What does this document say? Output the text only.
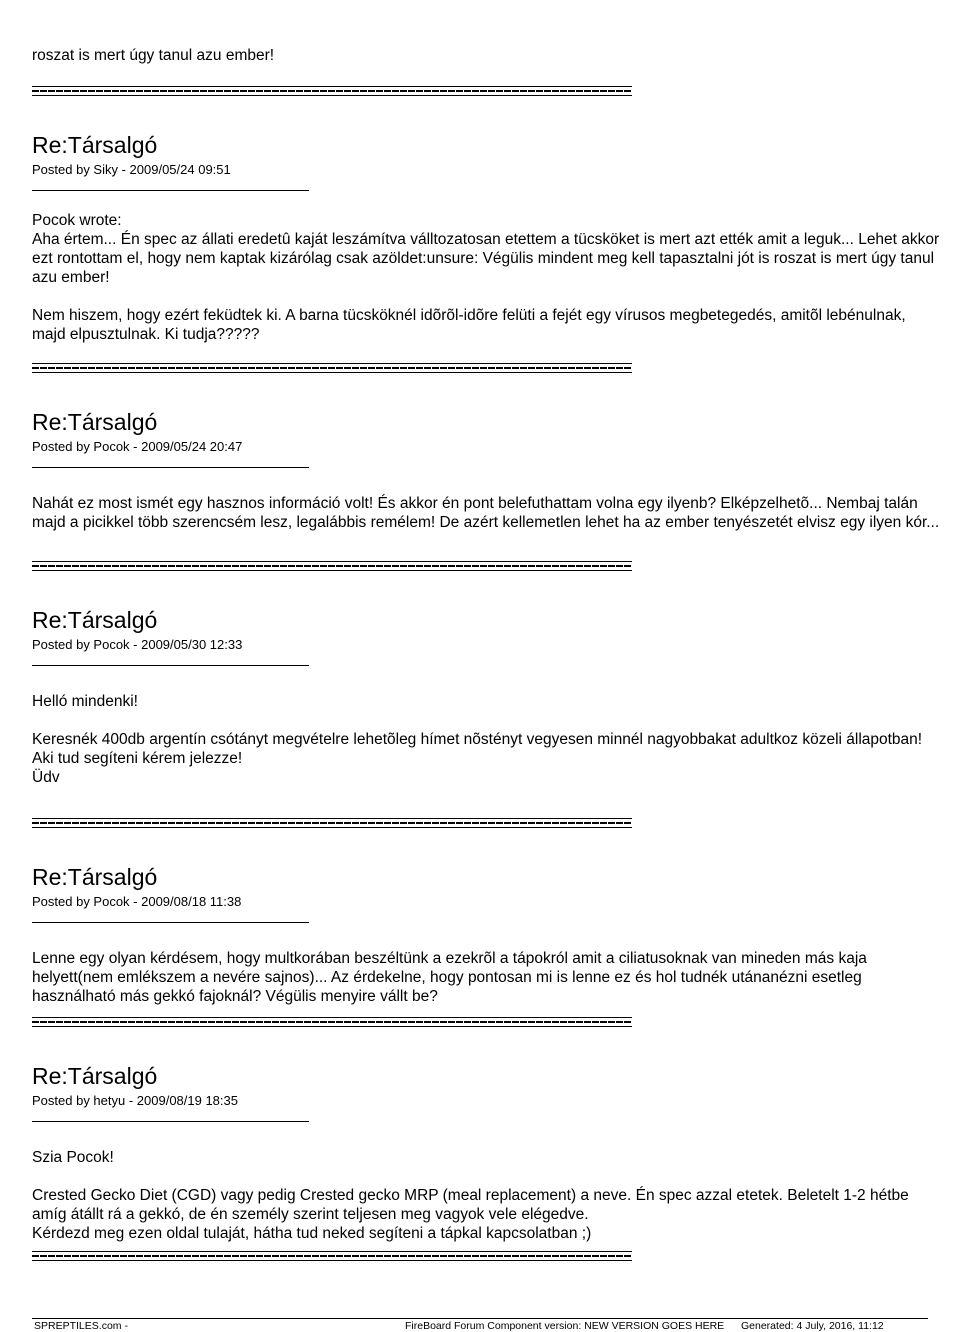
roszat is mert úgy tanul azu ember!

Re:Társalgó
Posted by Siky - 2009/05/24 09:51

Pocok wrote:
Aha értem... Én spec az állati eredetû kaját leszámítva válltozatosan etettem a tücsköket is mert azt ették amit a leguk... Lehet akkor ezt rontottam el, hogy nem kaptak kizárólag csak azöldet:unsure: Végülis mindent meg kell tapasztalni jót is roszat is mert úgy tanul azu ember!

Nem hiszem, hogy ezért feküdtek ki. A barna tücsköknél idõrõl-idõre felüti a fejét egy vírusos megbetegedés, amitõl lebénulnak, majd elpusztulnak. Ki tudja?????

Re:Társalgó
Posted by Pocok - 2009/05/24 20:47

Nahát ez most ismét egy hasznos információ volt! És akkor én pont belefuthattam volna egy ilyenb? Elképzelhetõ... Nembaj talán majd a picikkel több szerencsém lesz, legalábbis remélem! De azért kellemetlen lehet ha az ember tenyészetét elvisz egy ilyen kór...

Re:Társalgó
Posted by Pocok - 2009/05/30 12:33

Helló mindenki!

Keresnék 400db argentín csótányt megvételre lehetõleg hímet nõstényt vegyesen minnél nagyobbakat adultkoz közeli állapotban!
Aki tud segíteni kérem jelezze!
Üdv

Re:Társalgó
Posted by Pocok - 2009/08/18 11:38

Lenne egy olyan kérdésem, hogy multkorában beszéltünk a ezekrõl a tápokról amit a ciliatusoknak van mineden más kaja helyett(nem emlékszem a nevére sajnos)... Az érdekelne, hogy pontosan mi is lenne ez és hol tudnék utánanézni esetleg használható más gekkó fajoknál? Végülis menyire vállt be?

Re:Társalgó
Posted by hetyu - 2009/08/19 18:35

Szia Pocok!

Crested Gecko Diet (CGD) vagy pedig Crested gecko MRP (meal replacement) a neve. Én spec azzal etetek. Beletelt 1-2 hétbe amíg átállt rá a gekkó, de én személy szerint teljesen meg vagyok vele elégedve.
Kérdezd meg ezen oldal tulaját, hátha tud neked segíteni a tápkal kapcsolatban ;)

SPREPTILES.com -	FireBoard Forum Component version: NEW VERSION GOES HERE Generated: 4 July, 2016, 11:12
